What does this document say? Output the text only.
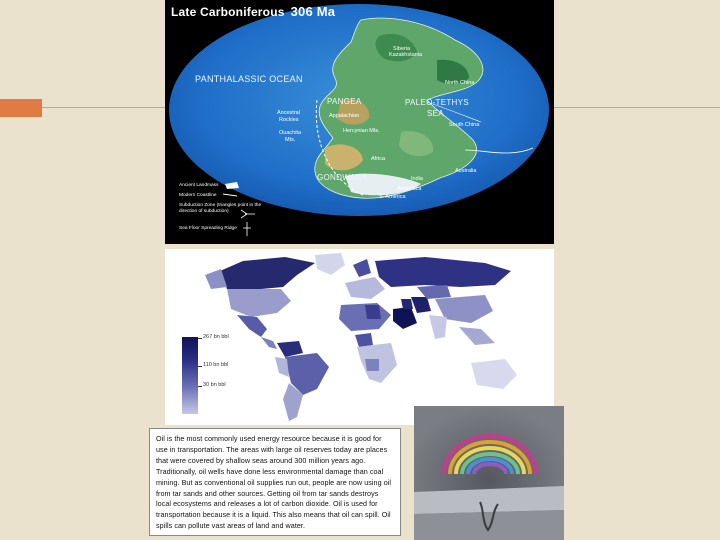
Late Carboniferous 306 Ma
PANTHALASSIC OCEAN
PANGEA	PALEO-TETHYS
SEA
GONDWANA
Siberia
Kazakhstania
North China
Ancestral
Rockies
Ouachita
Mts.
Appalachian
Hercynian Mts.
South China
Africa
Australia
India
Antarctica
S. America
Ancient Landmass
Modern Coastline
Subduction Zone (triangles point in the
direction of subduction)
Sea Floor Spreading Ridge
267 bn bbl
110 bn bbl
30 bn bbl

Oil is the most commonly used energy resource because it is good for use in transportation. The areas with large oil reserves today are places that were covered by shallow seas around 300 million years ago. Traditionally, oil wells have done less environmental damage than coal mining. But as conventional oil supplies run out, people are now using oil from tar sands and other sources. Getting oil from tar sands destroys local ecosystems and releases a lot of carbon dioxide. Oil is used for transportation because it is a liquid. This also means that oil can spill. Oil spills can pollute vast areas of land and water.
